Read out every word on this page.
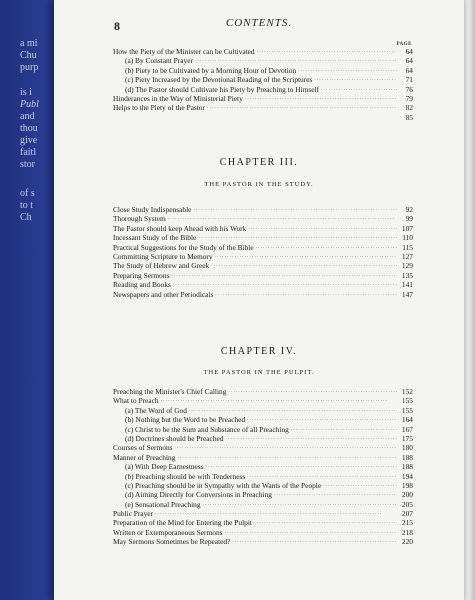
a mi
Chu
purp
is i
Publ
and
thou
give
faitl
stor
of s
to t
Ch
8	CONTENTS.
PAGE
How the Piety of the Minister can be Cultivated . . .	64
(a) By Constant Prayer . . .	64
(b) Piety to be Cultivated by a Morning Hour of Devotion . . .	64
(c) Piety Increased by the Devotional Reading of the Scriptures . . .	71
(d) The Pastor should Cultivate his Piety by Preaching to Himself . . .	76
Hinderances in the Way of Ministerial Piety . . .	79
Helps to the Piety of the Pastor . . .	82
85
CHAPTER III.
THE PASTOR IN THE STUDY.
Close Study Indispensable . . .	92
Thorough System . . .	99
The Pastor should keep Ahead with his Work . . .	107
Incessant Study of the Bible . . .	110
Practical Suggestions for the Study of the Bible . . .	115
Committing Scripture to Memory . . .	127
The Study of Hebrew and Greek . . .	129
Preparing Sermons . . .	135
Reading and Books . . .	141
Newspapers and other Periodicals . . .	147
CHAPTER IV.
THE PASTOR IN THE PULPIT.
Preaching the Minister's Chief Calling . . .	152
What to Preach . . .	155
(a) The Word of God . . .	155
(b) Nothing but the Word to be Preached . . .	164
(c) Christ to be the Sum and Substance of all Preaching . . .	167
(d) Doctrines should be Preached . . .	175
Courses of Sermons . . .	180
Manner of Preaching . . .	188
(a) With Deep Earnestness . . .	188
(b) Preaching should be with Tenderness . . .	194
(c) Preaching should be in Sympathy with the Wants of the People . . .	198
(d) Aiming Directly for Conversions in Preaching . . .	200
(e) Sensational Preaching . . .	205
Public Prayer . . .	207
Preparation of the Mind for Entering the Pulpit . . .	215
Written or Extemporaneous Sermons . . .	218
May Sermons Sometimes be Repeated? . . .	220
